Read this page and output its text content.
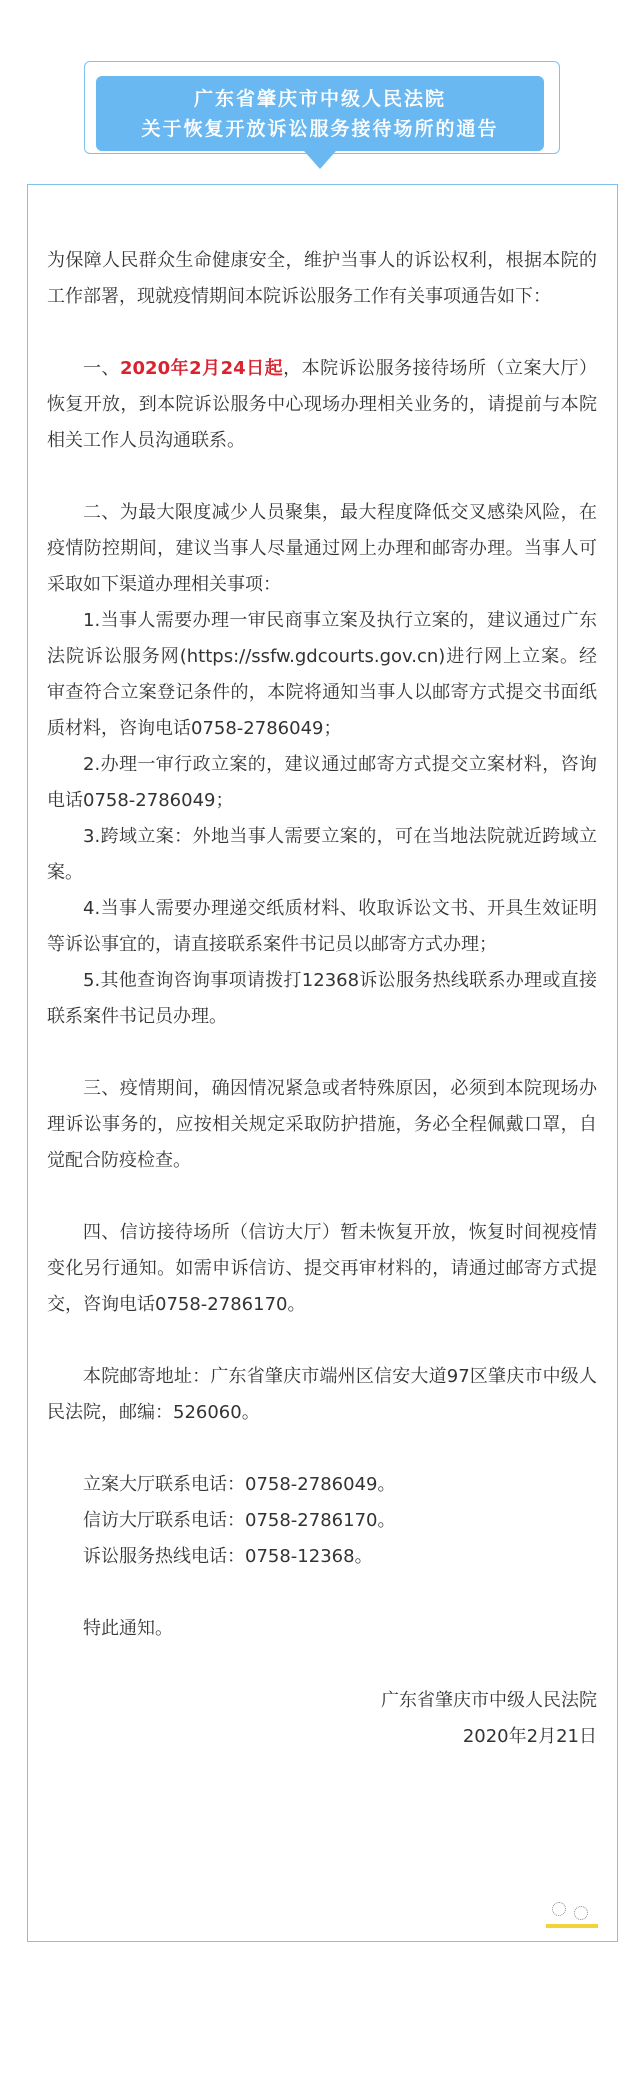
广东省肇庆市中级人民法院
关于恢复开放诉讼服务接待场所的通告

为保障人民群众生命健康安全，维护当事人的诉讼权利，根据本院的工作部署，现就疫情期间本院诉讼服务工作有关事项通告如下：

一、2020年2月24日起，本院诉讼服务接待场所（立案大厅）恢复开放，到本院诉讼服务中心现场办理相关业务的，请提前与本院相关工作人员沟通联系。

二、为最大限度减少人员聚集，最大程度降低交叉感染风险，在疫情防控期间，建议当事人尽量通过网上办理和邮寄办理。当事人可采取如下渠道办理相关事项：

1.当事人需要办理一审民商事立案及执行立案的，建议通过广东法院诉讼服务网(https://ssfw.gdcourts.gov.cn)进行网上立案。经审查符合立案登记条件的，本院将通知当事人以邮寄方式提交书面纸质材料，咨询电话0758-2786049；

2.办理一审行政立案的，建议通过邮寄方式提交立案材料，咨询电话0758-2786049；

3.跨域立案：外地当事人需要立案的，可在当地法院就近跨域立案。

4.当事人需要办理递交纸质材料、收取诉讼文书、开具生效证明等诉讼事宜的，请直接联系案件书记员以邮寄方式办理；

5.其他查询咨询事项请拨打12368诉讼服务热线联系办理或直接联系案件书记员办理。

三、疫情期间，确因情况紧急或者特殊原因，必须到本院现场办理诉讼事务的，应按相关规定采取防护措施，务必全程佩戴口罩，自觉配合防疫检查。

四、信访接待场所（信访大厅）暂未恢复开放，恢复时间视疫情变化另行通知。如需申诉信访、提交再审材料的，请通过邮寄方式提交，咨询电话0758-2786170。

本院邮寄地址：广东省肇庆市端州区信安大道97区肇庆市中级人民法院，邮编：526060。

立案大厅联系电话：0758-2786049。

信访大厅联系电话：0758-2786170。

诉讼服务热线电话：0758-12368。

特此通知。

广东省肇庆市中级人民法院

2020年2月21日
